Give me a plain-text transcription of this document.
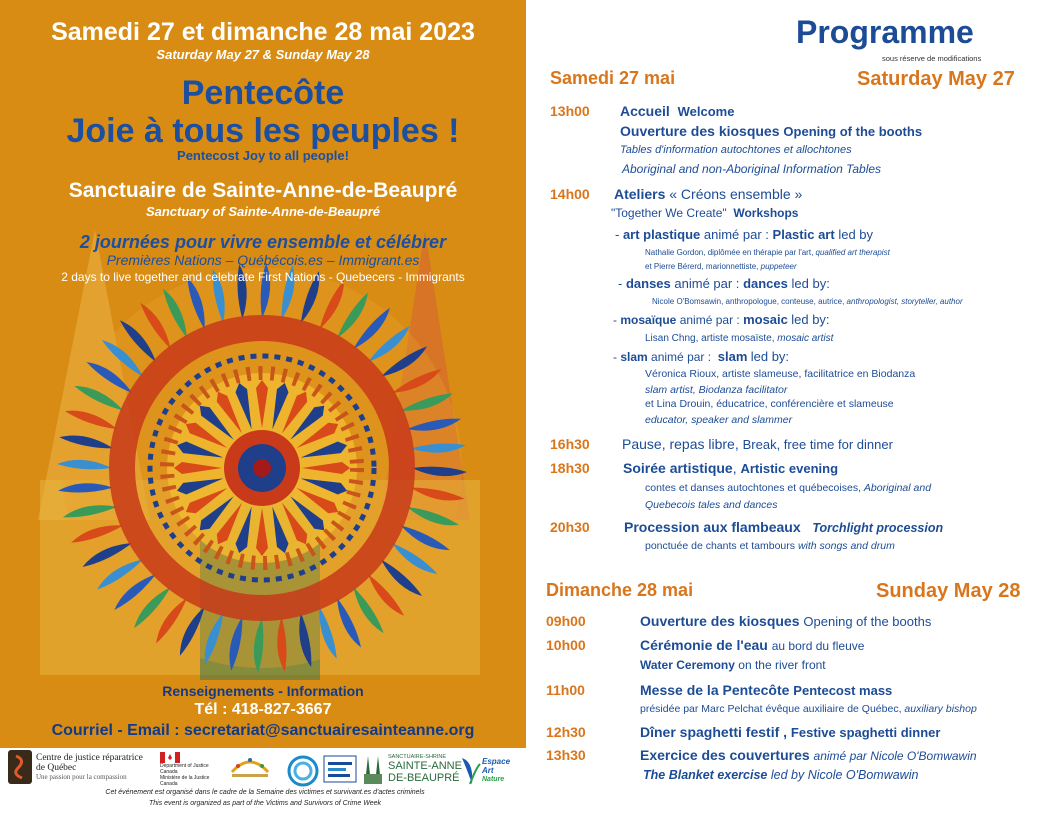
Samedi 27 et dimanche 28 mai 2023
Saturday May 27 & Sunday May 28
Pentecôte
Joie à tous les peuples !
Pentecost Joy to all people!
Sanctuaire de Sainte-Anne-de-Beaupré
Sanctuary of Sainte-Anne-de-Beaupré
2 journées pour vivre ensemble et célébrer
Premières Nations – Québécois.es – Immigrant.es
2 days to live together and celebrate First Nations - Quebecers - Immigrants
Renseignements - Information
Tél : 418-827-3667
Courriel - Email : secretariat@sanctuairesainteanne.org
Centre de justice réparatrice
de Québec
Une passion pour la compassion
Department of Justice
Canada
Ministère de la Justice
Canada
SANCTUAIRE-SHRINE
SAINTE-ANNE
DE-BEAUPRÉ
Espace
Art
Nature
Cet événement est organisé dans le cadre de la Semaine des victimes et survivant.es d'actes criminels
This event is organized as part of the Victims and Survivors of Crime Week
Programme
sous réserve de modifications
Samedi 27 mai	Saturday May 27
13h00 Accueil Welcome
Ouverture des kiosques Opening of the booths
Tables d'information autochtones et allochtones
Aboriginal and non-Aboriginal Information Tables
14h00 Ateliers « Créons ensemble »
"Together We Create" Workshops
- art plastique animé par : Plastic art led by
Nathalie Gordon, diplômée en thérapie par l'art, qualified art therapist
et Pierre Bérerd, marionnettiste, puppeteer
- danses animé par : dances led by:
Nicole O'Bomsawin, anthropologue, conteuse, autrice, anthropologist, storyteller, author
- mosaïque animé par : mosaic led by:
Lisan Chng, artiste mosaïste, mosaic artist
- slam animé par : slam led by:
Véronica Rioux, artiste slameuse, facilitatrice en Biodanza
slam artist, Biodanza facilitator
et Lina Drouin, éducatrice, conférencière et slameuse
educator, speaker and slammer
16h30 Pause, repas libre, Break, free time for dinner
18h30 Soirée artistique, Artistic evening
contes et danses autochtones et québecoises, Aboriginal and
Quebecois tales and dances
20h30 Procession aux flambeaux Torchlight procession
ponctuée de chants et tambours with songs and drum
Dimanche 28 mai	Sunday May 28
09h00	Ouverture des kiosques Opening of the booths
10h00	Cérémonie de l'eau au bord du fleuve
Water Ceremony on the river front
11h00	Messe de la Pentecôte Pentecost mass
présidée par Marc Pelchat évêque auxiliaire de Québec, auxiliary bishop
12h30	Dîner spaghetti festif , Festive spaghetti dinner
13h30	Exercice des couvertures animé par Nicole O'Bomwawin
The Blanket exercise led by Nicole O'Bomwawin
